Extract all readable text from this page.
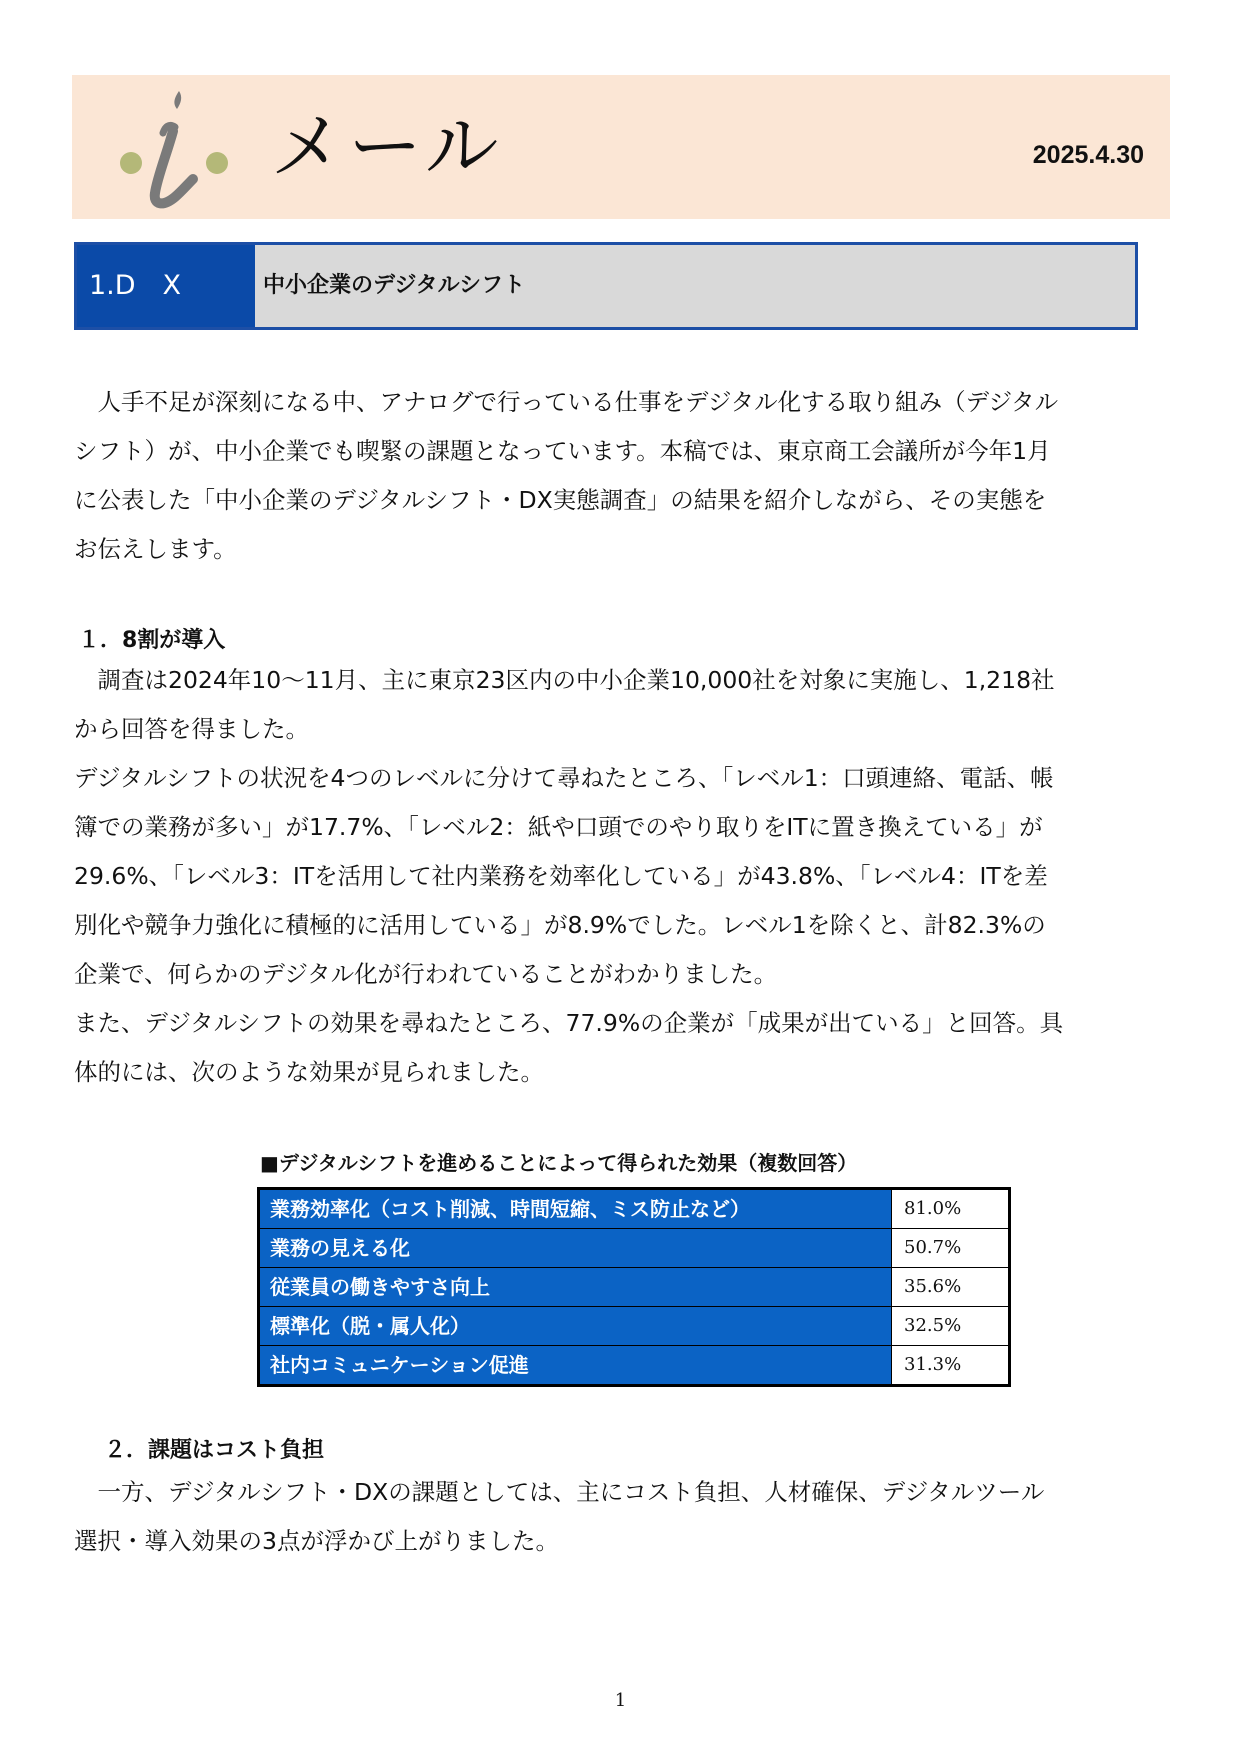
メール	2025.4.30
1.D　X	中小企業のデジタルシフト
　人手不足が深刻になる中、アナログで行っている仕事をデジタル化する取り組み（デジタル
シフト）が、中小企業でも喫緊の課題となっています。本稿では、東京商工会議所が今年1月
に公表した「中小企業のデジタルシフト・DX実態調査」の結果を紹介しながら、その実態を
お伝えします。
１．8割が導入
　調査は2024年10～11月、主に東京23区内の中小企業10,000社を対象に実施し、1,218社
から回答を得ました。
デジタルシフトの状況を4つのレベルに分けて尋ねたところ、「レベル1：口頭連絡、電話、帳
簿での業務が多い」が17.7%、「レベル2：紙や口頭でのやり取りをITに置き換えている」が
29.6%、「レベル3：ITを活用して社内業務を効率化している」が43.8%、「レベル4：ITを差
別化や競争力強化に積極的に活用している」が8.9%でした。レベル1を除くと、計82.3%の
企業で、何らかのデジタル化が行われていることがわかりました。
また、デジタルシフトの効果を尋ねたところ、77.9%の企業が「成果が出ている」と回答。具
体的には、次のような効果が見られました。
■デジタルシフトを進めることによって得られた効果（複数回答）
業務効率化（コスト削減、時間短縮、ミス防止など）	81.0%
業務の見える化	50.7%
従業員の働きやすさ向上	35.6%
標準化（脱・属人化）	32.5%
社内コミュニケーション促進	31.3%
２．課題はコスト負担
　一方、デジタルシフト・DXの課題としては、主にコスト負担、人材確保、デジタルツール
選択・導入効果の3点が浮かび上がりました。
1
